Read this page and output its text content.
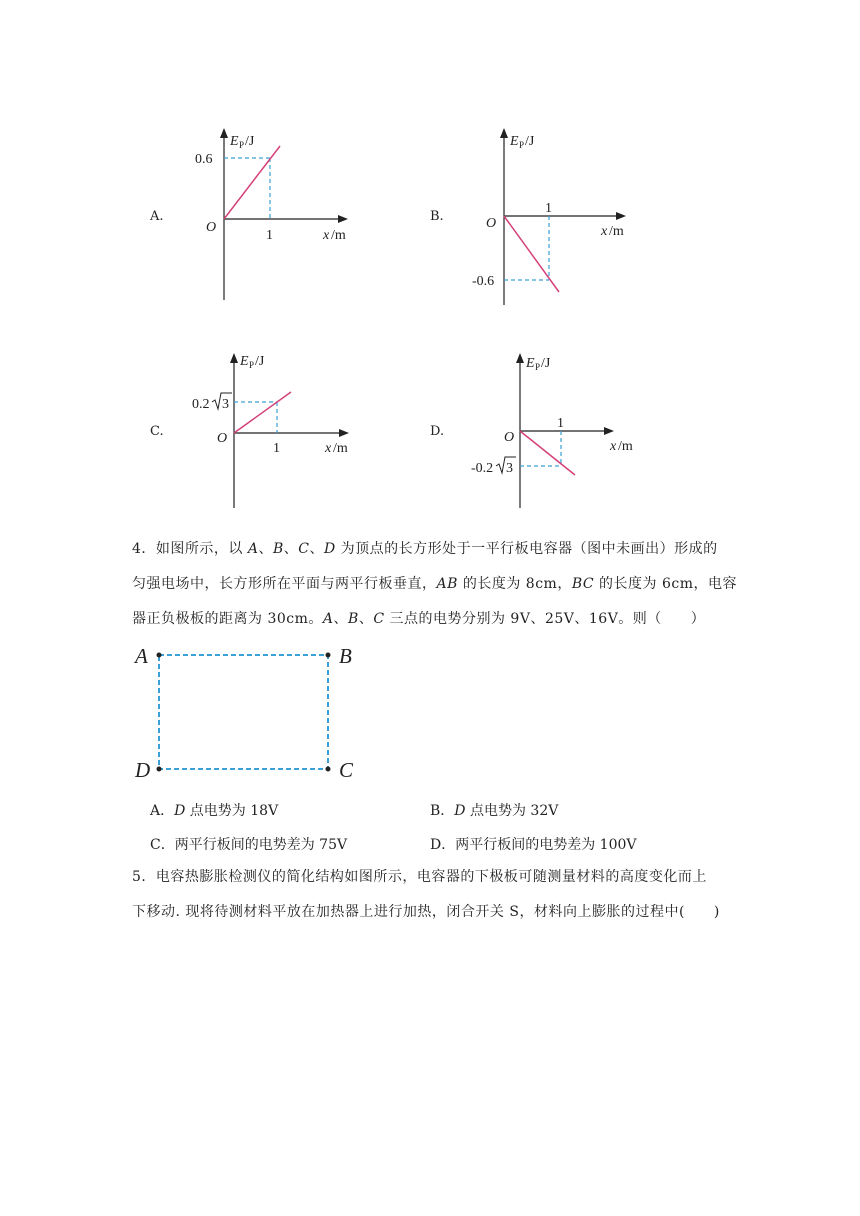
A.
E P /J
0.6
O
1	x /m
B.
E P /J
O
1
-0.6
x /m
C.
E P /J
0.2 3
O
1	x /m
D.
E P /J
O
1
-0.2 3
x /m
4．如图所示，以 A、B、C、D 为顶点的长方形处于一平行板电容器（图中未画出）形成的
匀强电场中，长方形所在平面与两平行板垂直，AB 的长度为 8cm，BC 的长度为 6cm，电容
器正负极板的距离为 30cm。A、B、C 三点的电势分别为 9V、25V、16V。则（　　）
A	B
C
D
A．D 点电势为 18V	B．D 点电势为 32V
C．两平行板间的电势差为 75V	D．两平行板间的电势差为 100V
5．电容热膨胀检测仪的简化结构如图所示，电容器的下极板可随测量材料的高度变化而上
下移动. 现将待测材料平放在加热器上进行加热，闭合开关 S，材料向上膨胀的过程中(　　)
